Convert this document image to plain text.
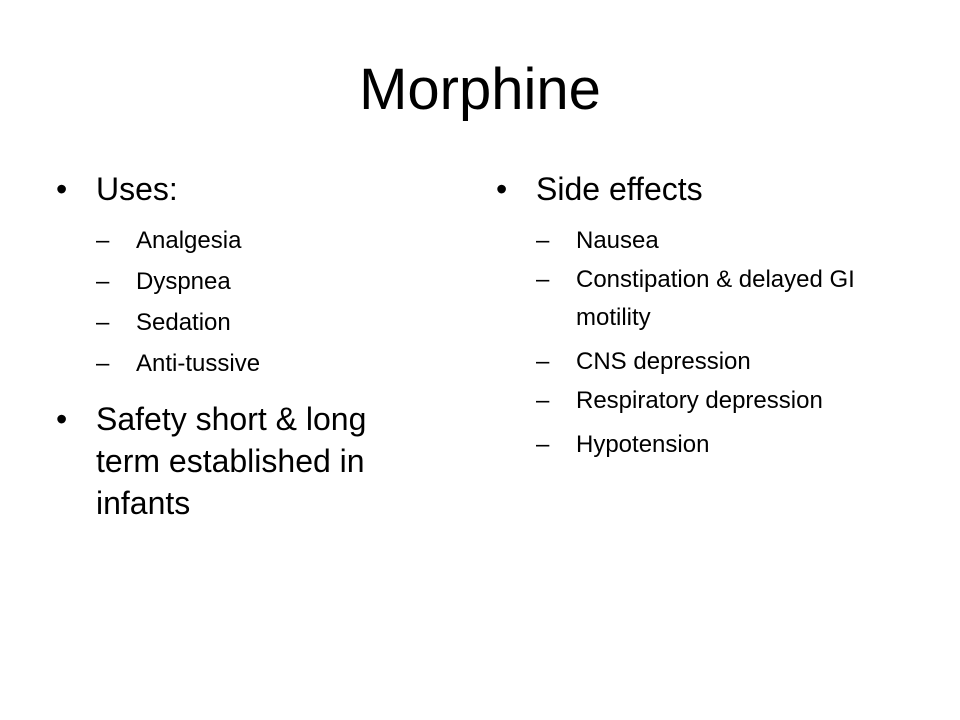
Morphine
• Uses:
–	Analgesia
–	Dyspnea
–	Sedation
–	Anti-tussive
• Safety short & long term established in infants
• Side effects
–	Nausea
–	Constipation & delayed GI motility
–	CNS depression
–	Respiratory depression
–	Hypotension
